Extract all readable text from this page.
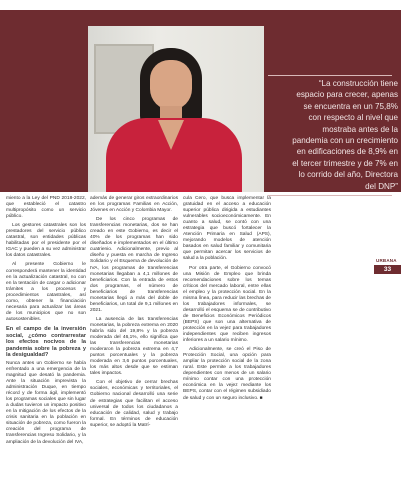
“La construcción tiene
espacio para crecer, apenas
se encuentra en un 75,8%
con respecto al nivel que
mostraba antes de la
pandemia con un crecimiento
en edificaciones de 8,9% en
el tercer trimestre y de 7% en
lo corrido del año, Directora
del DNP”
URBANA
33

miento a la Ley del PND 2018-2022, que estableció el catastro multipropósito como un servicio público.

Los gestores catastrales son los prestadores del servicio público catastral, son entidades públicas habilitadas por el presidente por el IGAC y pueden a su vez administrar los datos catastrales.

Al presente Gobierno le corresponderá mantener la identidad en la actualización catastral, no con en la tentación de cargar o adicionar trámites a los procesos y procedimientos catastrales, así como, obtener la financiación necesaria para actualizar las áreas de los municipios que no son autosostenibles.

En el campo de la inversión social, ¿cómo contrarrestar los efectos nocivos de la pandemia sobre la pobreza y la desigualdad?

Nunca antes un Gobierno se había enfrentado a una emergencia de la magnitud que desató la pandemia. Ante la situación imprevista la administración Duque, en tiempo récord y de forma ágil, implementó los programas sociales que sin lugar a dudas tuvieron un impacto positivo en la mitigación de los efectos de la crisis sanitaria en la población en situación de pobreza, como fueron la creación del programa de transferencias Ingreso Solidario, y la ampliación de la devolución del IVA,

además de generar giros extraordinarios en los programas Familias en Acción, Jóvenes en Acción y Colombia Mayor.

De los cinco programas de transferencias monetarias, dos se han creado en este Gobierno, es decir el 40% de los programas han sido diseñados e implementados en el último cuatrienio. Adicionalmente, previo al diseño y puesta en marcha de Ingreso Solidario y el Esquema de devolución de IVA, los programas de transferencias monetarias llegaban a 4,1 millones de beneficiarios. Con la entrada de estos dos programas, el número de beneficiarios de transferencias monetarias llegó a más del doble de beneficiarios, un total de 9,1 millones en 2021.

La ausencia de las transferencias monetarias, la pobreza extrema en 2020 habría sido del 19,8% y la pobreza moderada del 46,1%, ello significa que las transferencias monetarias moderaron la pobreza extrema en 4,7 puntos porcentuales y la pobreza moderada en 3,6 puntos porcentuales, los más altos desde que se estiman tales impactos.

Con el objetivo de cerrar brechas sociales, económicas y territoriales, el Gobierno nacional desarrolló una serie de estrategias que facilitan el acceso universal de todos los ciudadanos a educación de calidad, salud y trabajo formal. En términos de educación superior, se adoptó la Matrí-

cula Cero, que busca implementar la gratuidad en el acceso a educación superior pública dirigida a estudiantes vulnerables socioeconómicamente. En cuanto a salud, se contó con una estrategia que buscó fortalecer la Atención Primaria en Salud (APS), mejorando modelos de atención basados en salud familiar y comunitaria que permitan acercar los servicios de salud a la población.

Por otra parte, el Gobierno convocó una Misión de Empleo que brinda recomendaciones sobre los temas críticos del mercado laboral, entre ellas el empleo y la protección social. En la misma línea, para reducir las brechas de los trabajadores informales, se desarrolló el esquema se de contributivo de Beneficios Económicos Periódicos (BEPS) que son una alternativa de protección en la vejez para trabajadores independientes que reciben ingresos inferiores a un salario mínimo.

Adicionalmente, se creó el Piso de Protección Social, una opción para ampliar la protección social de la zona rural. Este permite a los trabajadores dependientes con menos de un salario mínimo contar con una protección económica en la vejez mediante los BEPS, contar con el régimen subsidiado de salud y con un seguro inclusivo. ■
